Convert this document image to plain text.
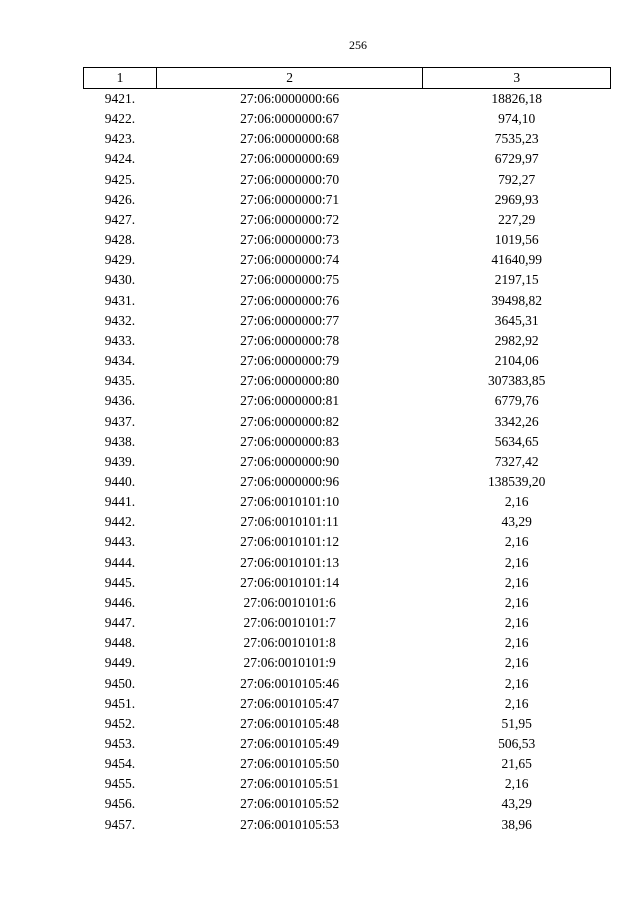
256
1	2	3
9421.	27:06:0000000:66	18826,18
9422.	27:06:0000000:67	974,10
9423.	27:06:0000000:68	7535,23
9424.	27:06:0000000:69	6729,97
9425.	27:06:0000000:70	792,27
9426.	27:06:0000000:71	2969,93
9427.	27:06:0000000:72	227,29
9428.	27:06:0000000:73	1019,56
9429.	27:06:0000000:74	41640,99
9430.	27:06:0000000:75	2197,15
9431.	27:06:0000000:76	39498,82
9432.	27:06:0000000:77	3645,31
9433.	27:06:0000000:78	2982,92
9434.	27:06:0000000:79	2104,06
9435.	27:06:0000000:80	307383,85
9436.	27:06:0000000:81	6779,76
9437.	27:06:0000000:82	3342,26
9438.	27:06:0000000:83	5634,65
9439.	27:06:0000000:90	7327,42
9440.	27:06:0000000:96	138539,20
9441.	27:06:0010101:10	2,16
9442.	27:06:0010101:11	43,29
9443.	27:06:0010101:12	2,16
9444.	27:06:0010101:13	2,16
9445.	27:06:0010101:14	2,16
9446.	27:06:0010101:6	2,16
9447.	27:06:0010101:7	2,16
9448.	27:06:0010101:8	2,16
9449.	27:06:0010101:9	2,16
9450.	27:06:0010105:46	2,16
9451.	27:06:0010105:47	2,16
9452.	27:06:0010105:48	51,95
9453.	27:06:0010105:49	506,53
9454.	27:06:0010105:50	21,65
9455.	27:06:0010105:51	2,16
9456.	27:06:0010105:52	43,29
9457.	27:06:0010105:53	38,96
